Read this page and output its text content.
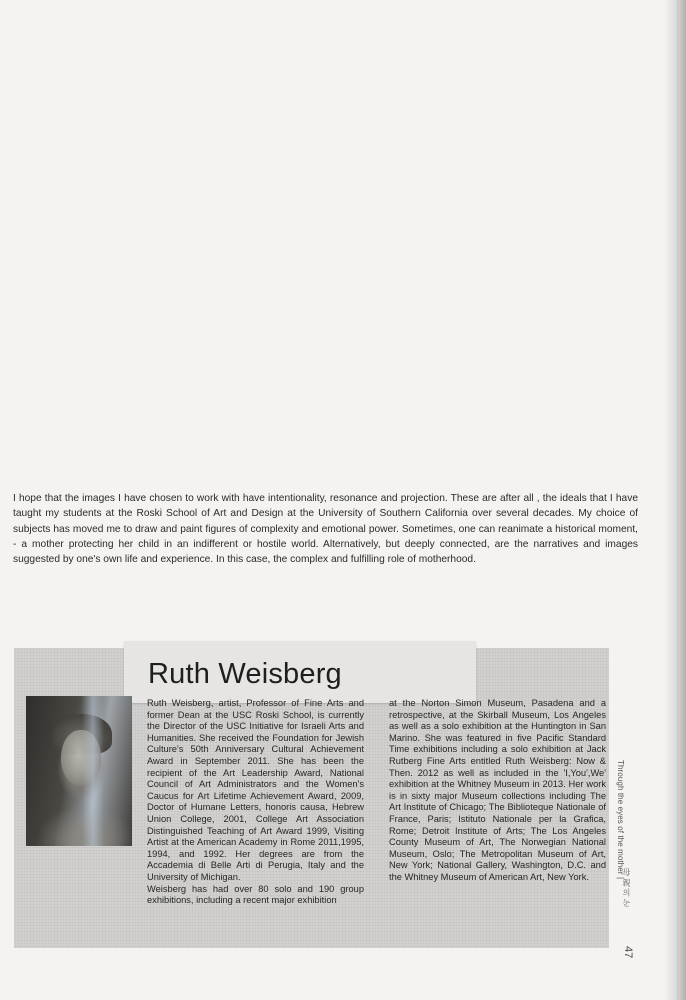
I hope that the images I have chosen to work with have intentionality, resonance and projection. These are after all , the ideals that I have taught my students at the Roski School of Art and Design at the University of Southern California over several decades. My choice of subjects has moved me to draw and paint figures of complexity and emotional power. Sometimes, one can reanimate a historical moment, - a mother protecting her child in an indifferent or hostile world. Alternatively, but deeply connected, are the narratives and images suggested by one's own life and experience. In this case, the complex and fulfilling role of motherhood.

Ruth Weisberg

Ruth Weisberg, artist, Professor of Fine Arts and former Dean at the USC Roski School, is currently the Director of the USC Initiative for Israeli Arts and Humanities. She received the Foundation for Jewish Culture's 50th Anniversary Cultural Achievement Award in September 2011. She has been the recipient of the Art Leadership Award, National Council of Art Administrators and the Women's Caucus for Art Lifetime Achievement Award, 2009, Doctor of Humane Letters, honoris causa, Hebrew Union College, 2001, College Art Association Distinguished Teaching of Art Award 1999, Visiting Artist at the American Academy in Rome 2011,1995, 1994, and 1992. Her degrees are from the Accademia di Belle Arti di Perugia, Italy and the University of Michigan.

Weisberg has had over 80 solo and 190 group exhibitions, including a recent major exhibition

at the Norton Simon Museum, Pasadena and a retrospective, at the Skirball Museum, Los Angeles as well as a solo exhibition at the Huntington in San Marino. She was featured in five Pacific Standard Time exhibitions including a solo exhibition at Jack Rutberg Fine Arts entitled Ruth Weisberg: Now & Then. 2012 as well as included in the 'I,You',We' exhibition at the Whitney Museum in 2013. Her work is in sixty major Museum collections including The Art Institute of Chicago; The Biblioteque Nationale of France, Paris; Istituto Nationale per la Grafica, Rome; Detroit Institute of Arts; The Los Angeles County Museum of Art, The Norwegian National Museum, Oslo; The Metropolitan Museum of Art, New York; National Gallery, Washington, D.C. and the Whitney Museum of American Art, New York.	Through the eyes of the mother |
母 親 의 눈
47
